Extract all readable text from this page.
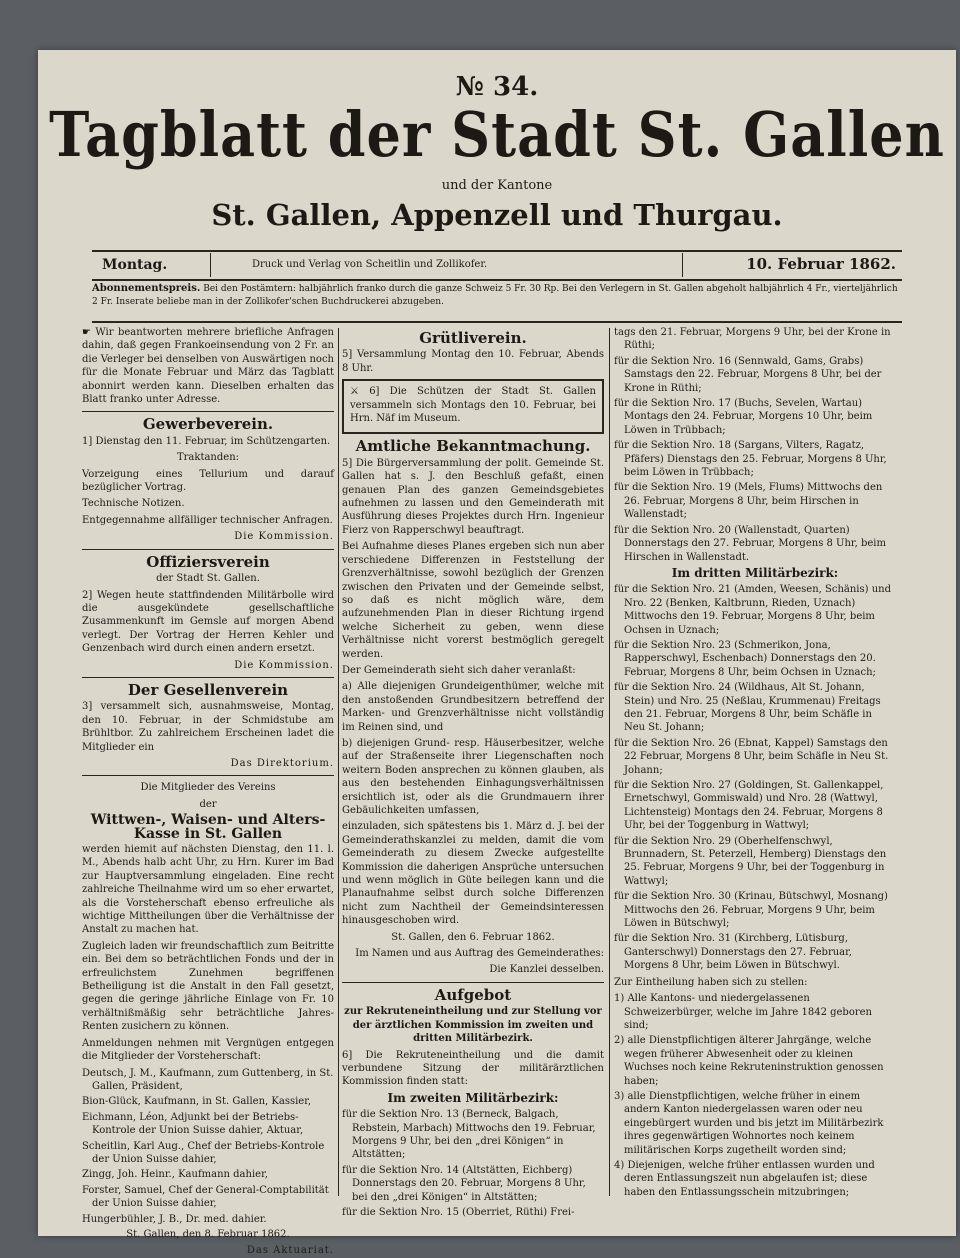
№ 34.
Tagblatt der Stadt St. Gallen
und der Kantone
St. Gallen, Appenzell und Thurgau.
Montag.	Druck und Verlag von Scheitlin und Zollikofer.	10. Februar 1862.
Abonnementspreis. Bei den Postämtern: halbjährlich franko durch die ganze Schweiz 5 Fr. 30 Rp. Bei den Verlegern in St. Gallen abgeholt halbjährlich 4 Fr., vierteljährlich 2 Fr. Inserate beliebe man in der Zollikofer'schen Buchdruckerei abzugeben.

☛ Wir beantworten mehrere briefliche Anfragen dahin, daß gegen Frankoeinsendung von 2 Fr. an die Verleger bei denselben von Auswärtigen noch für die Monate Februar und März das Tagblatt abonnirt werden kann. Dieselben erhalten das Blatt franko unter Adresse.

Gewerbeverein.

1] Dienstag den 11. Februar, im Schützengarten.

Traktanden:

Vorzeigung eines Tellurium und darauf bezüglicher Vortrag.

Technische Notizen.

Entgegennahme allfälliger technischer Anfragen.

Die Kommission.

Offiziersverein

der Stadt St. Gallen.

2] Wegen heute stattfindenden Militärbolle wird die ausgekündete gesellschaftliche Zusammenkunft im Gemsle auf morgen Abend verlegt. Der Vortrag der Herren Kehler und Genzenbach wird durch einen andern ersetzt.

Die Kommission.

Der Gesellenverein

3] versammelt sich, ausnahmsweise, Montag, den 10. Februar, in der Schmidstube am Brühltbor. Zu zahlreichem Erscheinen ladet die Mitglieder ein

Das Direktorium.

Die Mitglieder des Vereins

der

Wittwen-, Waisen- und Alters-Kasse in St. Gallen

werden hiemit auf nächsten Dienstag, den 11. l. M., Abends halb acht Uhr, zu Hrn. Kurer im Bad zur Hauptversammlung eingeladen. Eine recht zahlreiche Theilnahme wird um so eher erwartet, als die Vorsteherschaft ebenso erfreuliche als wichtige Mittheilungen über die Verhältnisse der Anstalt zu machen hat.

Zugleich laden wir freundschaftlich zum Beitritte ein. Bei dem so beträchtlichen Fonds und der in erfreulichstem Zunehmen begriffenen Betheiligung ist die Anstalt in den Fall gesetzt, gegen die geringe jährliche Einlage von Fr. 10 verhältnißmäßig sehr beträchtliche Jahres-Renten zusichern zu können.

Anmeldungen nehmen mit Vergnügen entgegen die Mitglieder der Vorsteherschaft:

Deutsch, J. M., Kaufmann, zum Guttenberg, in St. Gallen, Präsident,

Bion-Glück, Kaufmann, in St. Gallen, Kassier,

Eichmann, Léon, Adjunkt bei der Betriebs-Kontrole der Union Suisse dahier, Aktuar,

Scheitlin, Karl Aug., Chef der Betriebs-Kontrole der Union Suisse dahier,

Zingg, Joh. Heinr., Kaufmann dahier,

Forster, Samuel, Chef der General-Comptabilität der Union Suisse dahier,

Hungerbühler, J. B., Dr. med. dahier.

St. Gallen, den 8. Februar 1862.

Das Aktuariat.

Grütliverein.

5] Versammlung Montag den 10. Februar, Abends 8 Uhr.

⚔ 6] Die Schützen der Stadt St. Gallen versammeln sich Montags den 10. Februar, bei Hrn. Näf im Museum.

Amtliche Bekanntmachung.

5] Die Bürgerversammlung der polit. Gemeinde St. Gallen hat s. J. den Beschluß gefaßt, einen genauen Plan des ganzen Gemeindsgebietes aufnehmen zu lassen und den Gemeinderath mit Ausführung dieses Projektes durch Hrn. Ingenieur Fierz von Rapperschwyl beauftragt.

Bei Aufnahme dieses Planes ergeben sich nun aber verschiedene Differenzen in Feststellung der Grenzverhältnisse, sowohl bezüglich der Grenzen zwischen den Privaten und der Gemeinde selbst, so daß es nicht möglich wäre, dem aufzunehmenden Plan in dieser Richtung irgend welche Sicherheit zu geben, wenn diese Verhältnisse nicht vorerst bestmöglich geregelt werden.

Der Gemeinderath sieht sich daher veranlaßt:

a) Alle diejenigen Grundeigenthümer, welche mit den anstoßenden Grundbesitzern betreffend der Marken- und Grenzverhältnisse nicht vollständig im Reinen sind, und

b) diejenigen Grund- resp. Häuserbesitzer, welche auf der Straßenseite ihrer Liegenschaften noch weitern Boden ansprechen zu können glauben, als aus den bestehenden Einhagungsverhältnissen ersichtlich ist, oder als die Grundmauern ihrer Gebäulichkeiten umfassen,

einzuladen, sich spätestens bis 1. März d. J. bei der Gemeinderathskanzlei zu melden, damit die vom Gemeinderath zu diesem Zwecke aufgestellte Kommission die daherigen Ansprüche untersuchen und wenn möglich in Güte beilegen kann und die Planaufnahme selbst durch solche Differenzen nicht zum Nachtheil der Gemeindsinteressen hinausgeschoben wird.

St. Gallen, den 6. Februar 1862.

Im Namen und aus Auftrag des Gemeinderathes:

Die Kanzlei desselben.

Aufgebot

zur Rekruteneintheilung und zur Stellung vor der ärztlichen Kommission im zweiten und dritten Militärbezirk.

6] Die Rekruteneintheilung und die damit verbundene Sitzung der militärärztlichen Kommission finden statt:

Im zweiten Militärbezirk:

für die Sektion Nro. 13 (Berneck, Balgach, Rebstein, Marbach) Mittwochs den 19. Februar, Morgens 9 Uhr, bei den „drei Königen“ in Altstätten;

für die Sektion Nro. 14 (Altstätten, Eichberg) Donnerstags den 20. Februar, Morgens 8 Uhr, bei den „drei Königen“ in Altstätten;

für die Sektion Nro. 15 (Oberriet, Rüthi) Frei-

tags den 21. Februar, Morgens 9 Uhr, bei der Krone in Rüthi;

für die Sektion Nro. 16 (Sennwald, Gams, Grabs) Samstags den 22. Februar, Morgens 8 Uhr, bei der Krone in Rüthi;

für die Sektion Nro. 17 (Buchs, Sevelen, Wartau) Montags den 24. Februar, Morgens 10 Uhr, beim Löwen in Trübbach;

für die Sektion Nro. 18 (Sargans, Vilters, Ragatz, Pfäfers) Dienstags den 25. Februar, Morgens 8 Uhr, beim Löwen in Trübbach;

für die Sektion Nro. 19 (Mels, Flums) Mittwochs den 26. Februar, Morgens 8 Uhr, beim Hirschen in Wallenstadt;

für die Sektion Nro. 20 (Wallenstadt, Quarten) Donnerstags den 27. Februar, Morgens 8 Uhr, beim Hirschen in Wallenstadt.

Im dritten Militärbezirk:

für die Sektion Nro. 21 (Amden, Weesen, Schänis) und Nro. 22 (Benken, Kaltbrunn, Rieden, Uznach) Mittwochs den 19. Februar, Morgens 8 Uhr, beim Ochsen in Uznach;

für die Sektion Nro. 23 (Schmerikon, Jona, Rapperschwyl, Eschenbach) Donnerstags den 20. Februar, Morgens 8 Uhr, beim Ochsen in Uznach;

für die Sektion Nro. 24 (Wildhaus, Alt St. Johann, Stein) und Nro. 25 (Neßlau, Krummenau) Freitags den 21. Februar, Morgens 8 Uhr, beim Schäfle in Neu St. Johann;

für die Sektion Nro. 26 (Ebnat, Kappel) Samstags den 22 Februar, Morgens 8 Uhr, beim Schäfle in Neu St. Johann;

für die Sektion Nro. 27 (Goldingen, St. Gallenkappel, Ernetschwyl, Gommiswald) und Nro. 28 (Wattwyl, Lichtensteig) Montags den 24. Februar, Morgens 8 Uhr, bei der Toggenburg in Wattwyl;

für die Sektion Nro. 29 (Oberhelfenschwyl, Brunnadern, St. Peterzell, Hemberg) Dienstags den 25. Februar, Morgens 9 Uhr, bei der Toggenburg in Wattwyl;

für die Sektion Nro. 30 (Krinau, Bütschwyl, Mosnang) Mittwochs den 26. Februar, Morgens 9 Uhr, beim Löwen in Bütschwyl;

für die Sektion Nro. 31 (Kirchberg, Lütisburg, Ganterschwyl) Donnerstags den 27. Februar, Morgens 8 Uhr, beim Löwen in Bütschwyl.

Zur Eintheilung haben sich zu stellen:

1) Alle Kantons- und niedergelassenen Schweizerbürger, welche im Jahre 1842 geboren sind;

2) alle Dienstpflichtigen älterer Jahrgänge, welche wegen früherer Abwesenheit oder zu kleinen Wuchses noch keine Rekruteninstruktion genossen haben;

3) alle Dienstpflichtigen, welche früher in einem andern Kanton niedergelassen waren oder neu eingebürgert wurden und bis jetzt im Militärbezirk ihres gegenwärtigen Wohnortes noch keinem militärischen Korps zugetheilt worden sind;

4) Diejenigen, welche früher entlassen wurden und deren Entlassungszeit nun abgelaufen ist; diese haben den Entlassungsschein mitzubringen;
